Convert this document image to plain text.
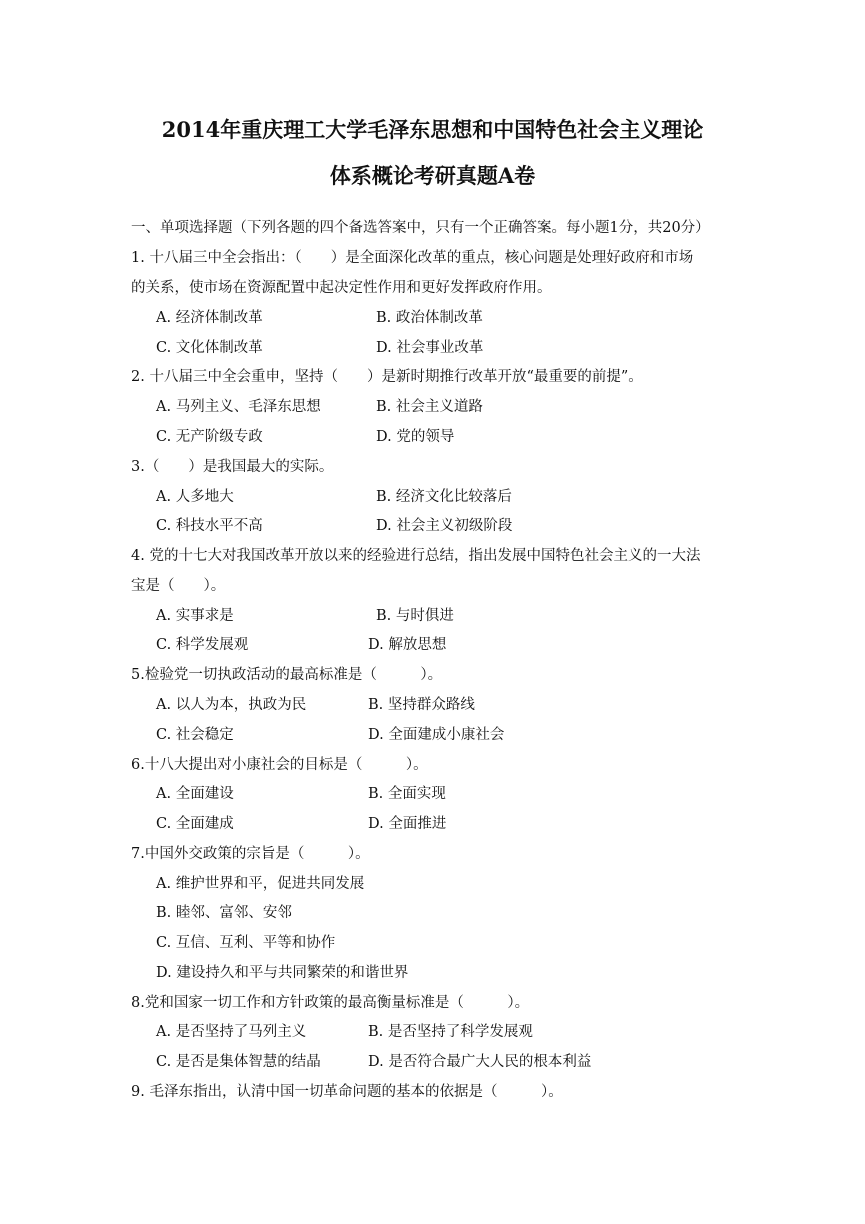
2014年重庆理工大学毛泽东思想和中国特色社会主义理论
体系概论考研真题A卷
一、单项选择题（下列各题的四个备选答案中，只有一个正确答案。每小题1分，共20分）
1. 十八届三中全会指出：（　　）是全面深化改革的重点，核心问题是处理好政府和市场
的关系，使市场在资源配置中起决定性作用和更好发挥政府作用。
A. 经济体制改革	B. 政治体制改革
C. 文化体制改革	D. 社会事业改革
2. 十八届三中全会重申，坚持（　　）是新时期推行改革开放“最重要的前提”。
A. 马列主义、毛泽东思想	B. 社会主义道路
C. 无产阶级专政	D. 党的领导
3.（　　）是我国最大的实际。
A. 人多地大	B. 经济文化比较落后
C. 科技水平不高	D. 社会主义初级阶段
4. 党的十七大对我国改革开放以来的经验进行总结，指出发展中国特色社会主义的一大法
宝是（　　）。
A. 实事求是	B. 与时俱进
C. 科学发展观	D. 解放思想
5.检验党一切执政活动的最高标准是（　　　）。
A. 以人为本，执政为民	B. 坚持群众路线
C. 社会稳定	D. 全面建成小康社会
6.十八大提出对小康社会的目标是（　　　）。
A. 全面建设	B. 全面实现
C. 全面建成	D. 全面推进
7.中国外交政策的宗旨是（　　　）。
A. 维护世界和平，促进共同发展
B. 睦邻、富邻、安邻
C. 互信、互利、平等和协作
D. 建设持久和平与共同繁荣的和谐世界
8.党和国家一切工作和方针政策的最高衡量标准是（　　　）。
A. 是否坚持了马列主义	B. 是否坚持了科学发展观
C. 是否是集体智慧的结晶	D. 是否符合最广大人民的根本利益
9. 毛泽东指出，认清中国一切革命问题的基本的依据是（　　　）。
